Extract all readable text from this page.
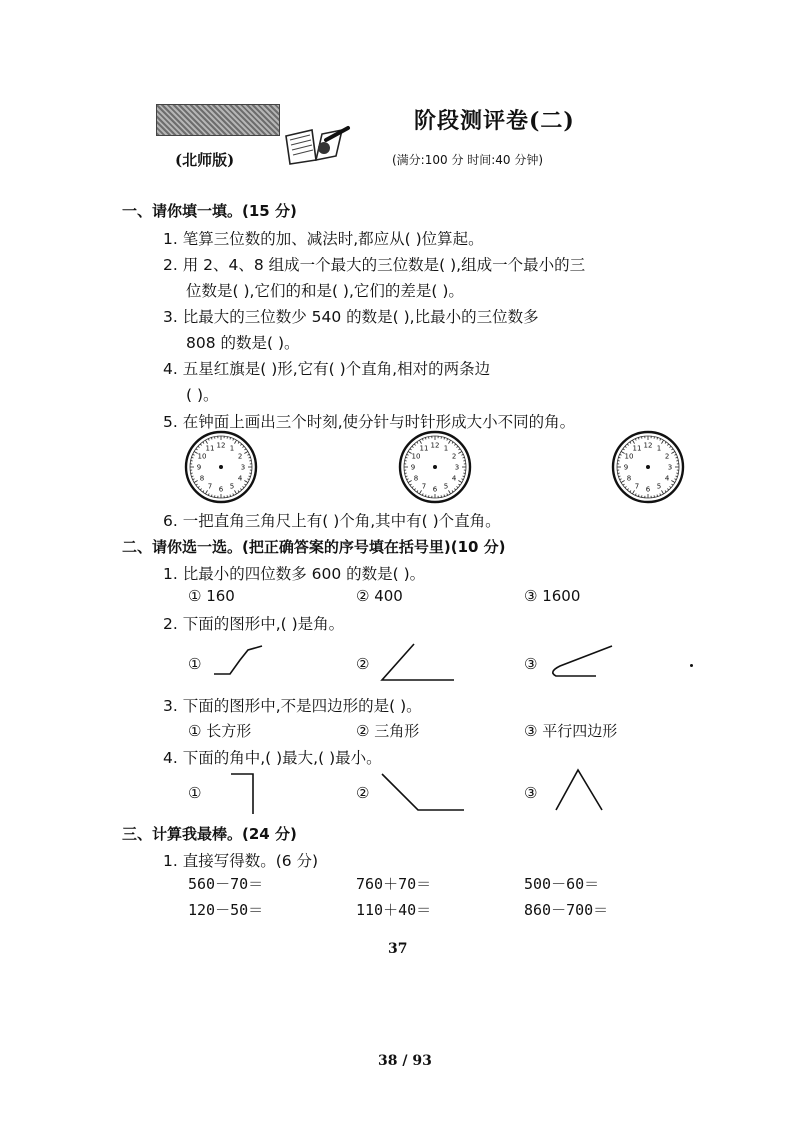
阶段测评卷(二)
(北师版)	(满分:100 分 时间:40 分钟)
一、请你填一填。(15 分)
1. 笔算三位数的加、减法时,都应从( )位算起。
2. 用 2、4、8 组成一个最大的三位数是( ),组成一个最小的三
位数是( ),它们的和是( ),它们的差是( )。
3. 比最大的三位数少 540 的数是( ),比最小的三位数多
808 的数是( )。
4. 五星红旗是( )形,它有( )个直角,相对的两条边
( )。
5. 在钟面上画出三个时刻,使分针与时针形成大小不同的角。
1
2
3
4
5
6
7
8
9
10
11 12	1
2
3
4
5
6
7
8
9
10
11 12	1
2
3
4
5
6
7
8
9
10
11 12
6. 一把直角三角尺上有( )个角,其中有( )个直角。
二、请你选一选。(把正确答案的序号填在括号里)(10 分)
1. 比最小的四位数多 600 的数是( )。
① 160	② 400	③ 1600
2. 下面的图形中,( )是角。
①	②	③
3. 下面的图形中,不是四边形的是( )。
① 长方形	② 三角形	③ 平行四边形
4. 下面的角中,( )最大,( )最小。
①	②	③
三、计算我最棒。(24 分)
1. 直接写得数。(6 分)
560－70＝	760＋70＝	500－60＝
120－50＝	110＋40＝	860－700＝
37
38 / 93
